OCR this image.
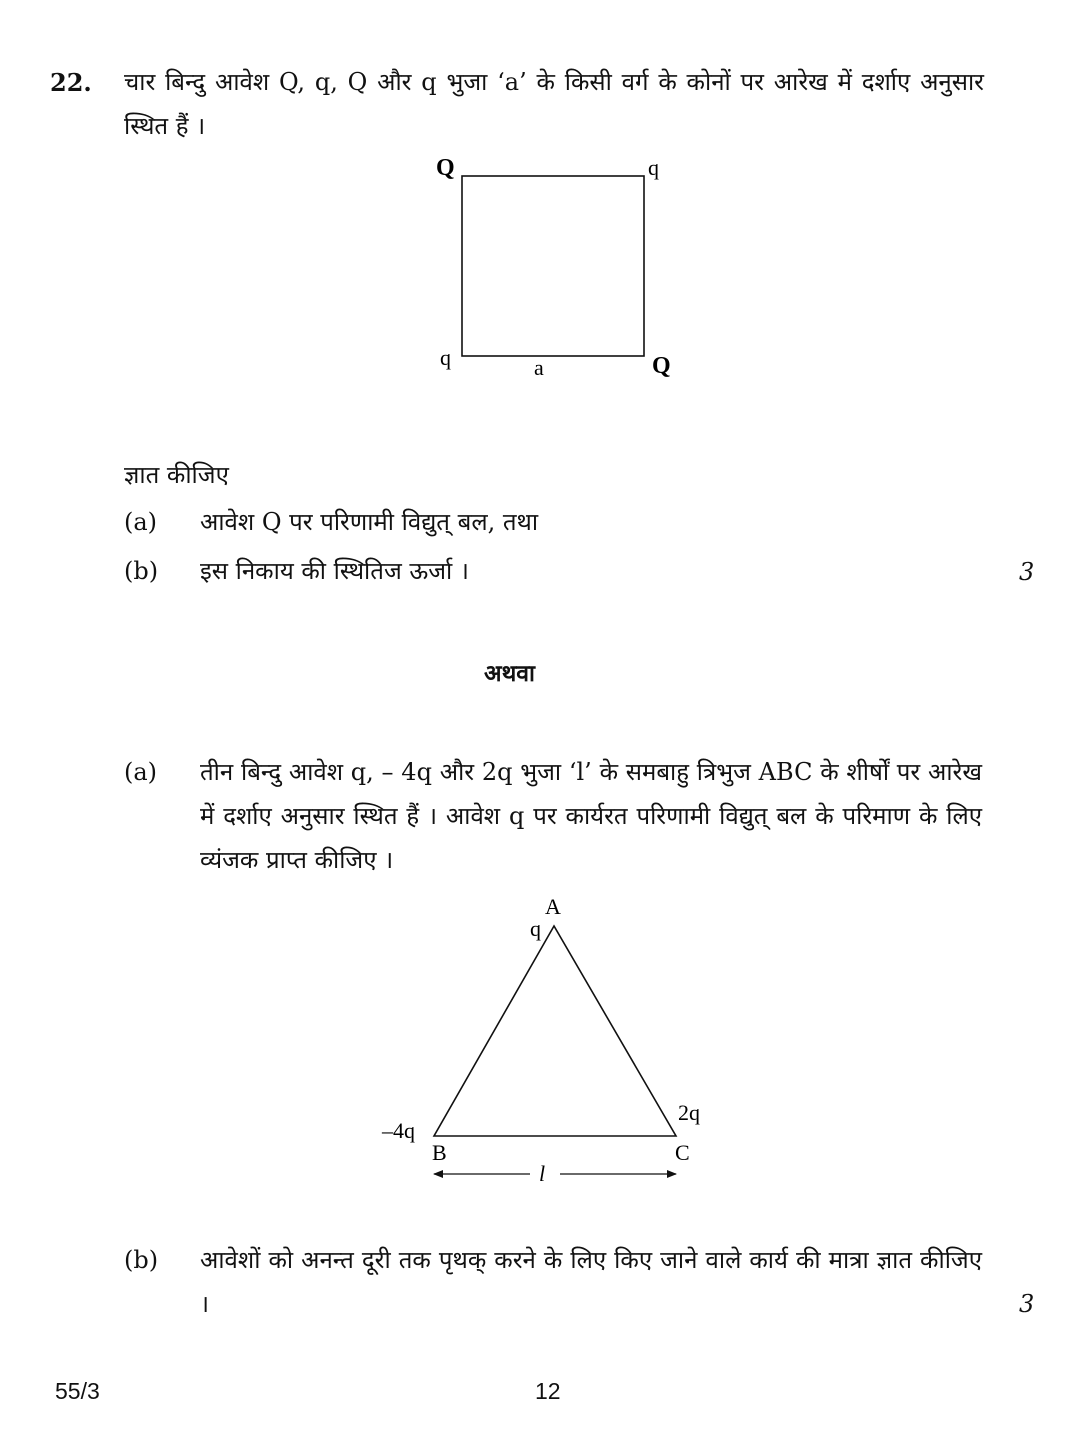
22. चार बिन्दु आवेश Q, q, Q और q भुजा ‘a’ के किसी वर्ग के कोनों पर आरेख में दर्शाए अनुसार स्थित हैं ।
Q	q
q	Q
a
ज्ञात कीजिए
(a) आवेश Q पर परिणामी विद्युत् बल, तथा
(b) इस निकाय की स्थितिज ऊर्जा ।	3
अथवा
(a) तीन बिन्दु आवेश q, – 4q और 2q भुजा ‘l’ के समबाहु त्रिभुज ABC के शीर्षों पर आरेख में दर्शाए अनुसार स्थित हैं । आवेश q पर कार्यरत परिणामी विद्युत् बल के परिमाण के लिए व्यंजक प्राप्त कीजिए ।
A
q
–4q
B
2q
C
l
(b) आवेशों को अनन्त दूरी तक पृथक् करने के लिए किए जाने वाले कार्य की मात्रा ज्ञात कीजिए ।	3
55/3	12
